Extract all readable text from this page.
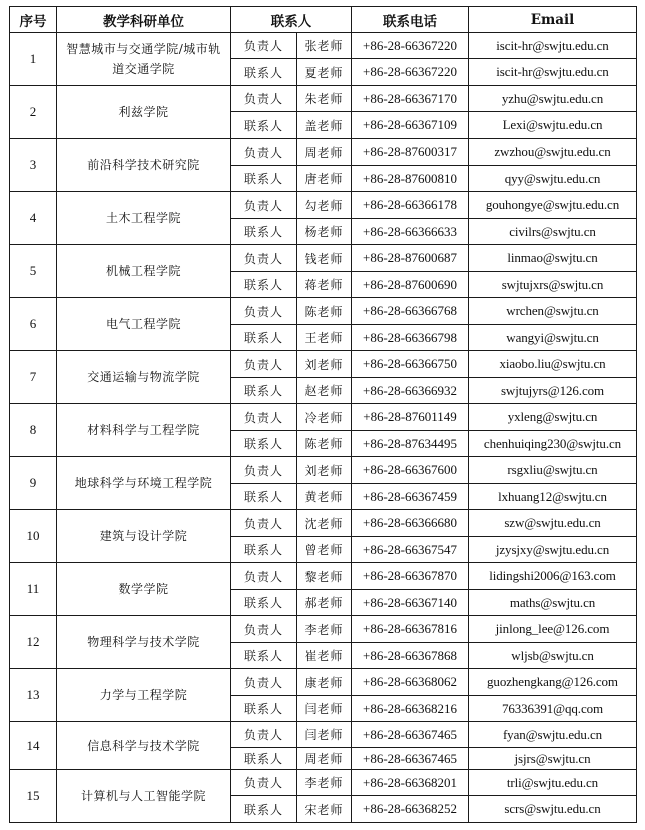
序号	教学科研单位	联系人		联系电话	Email
1	智慧城市与交通学院/城市轨道交通学院	负责人	张老师	+86-28-66367220	iscit-hr@swjtu.edu.cn
		联系人	夏老师	+86-28-66367220	iscit-hr@swjtu.edu.cn
2	利兹学院	负责人	朱老师	+86-28-66367170	yzhu@swjtu.edu.cn
		联系人	盖老师	+86-28-66367109	Lexi@swjtu.edu.cn
3	前沿科学技术研究院	负责人	周老师	+86-28-87600317	zwzhou@swjtu.edu.cn
		联系人	唐老师	+86-28-87600810	qyy@swjtu.edu.cn
4	土木工程学院	负责人	勾老师	+86-28-66366178	gouhongye@swjtu.edu.cn
		联系人	杨老师	+86-28-66366633	civilrs@swjtu.cn
5	机械工程学院	负责人	钱老师	+86-28-87600687	linmao@swjtu.cn
		联系人	蒋老师	+86-28-87600690	swjtujxrs@swjtu.cn
6	电气工程学院	负责人	陈老师	+86-28-66366768	wrchen@swjtu.cn
		联系人	王老师	+86-28-66366798	wangyi@swjtu.cn
7	交通运输与物流学院	负责人	刘老师	+86-28-66366750	xiaobo.liu@swjtu.cn
		联系人	赵老师	+86-28-66366932	swjtujyrs@126.com
8	材料科学与工程学院	负责人	冷老师	+86-28-87601149	yxleng@swjtu.cn
		联系人	陈老师	+86-28-87634495	chenhuiqing230@swjtu.cn
9	地球科学与环境工程学院	负责人	刘老师	+86-28-66367600	rsgxliu@swjtu.cn
		联系人	黄老师	+86-28-66367459	lxhuang12@swjtu.cn
10	建筑与设计学院	负责人	沈老师	+86-28-66366680	szw@swjtu.edu.cn
		联系人	曾老师	+86-28-66367547	jzysjxy@swjtu.edu.cn
11	数学学院	负责人	黎老师	+86-28-66367870	lidingshi2006@163.com
		联系人	郝老师	+86-28-66367140	maths@swjtu.cn
12	物理科学与技术学院	负责人	李老师	+86-28-66367816	jinlong_lee@126.com
		联系人	崔老师	+86-28-66367868	wljsb@swjtu.cn
13	力学与工程学院	负责人	康老师	+86-28-66368062	guozhengkang@126.com
		联系人	闫老师	+86-28-66368216	76336391@qq.com
14	信息科学与技术学院	负责人	闫老师	+86-28-66367465	fyan@swjtu.edu.cn
		联系人	周老师	+86-28-66367465	jsjrs@swjtu.cn
15	计算机与人工智能学院	负责人	李老师	+86-28-66368201	trli@swjtu.edu.cn
		联系人	宋老师	+86-28-66368252	scrs@swjtu.edu.cn
